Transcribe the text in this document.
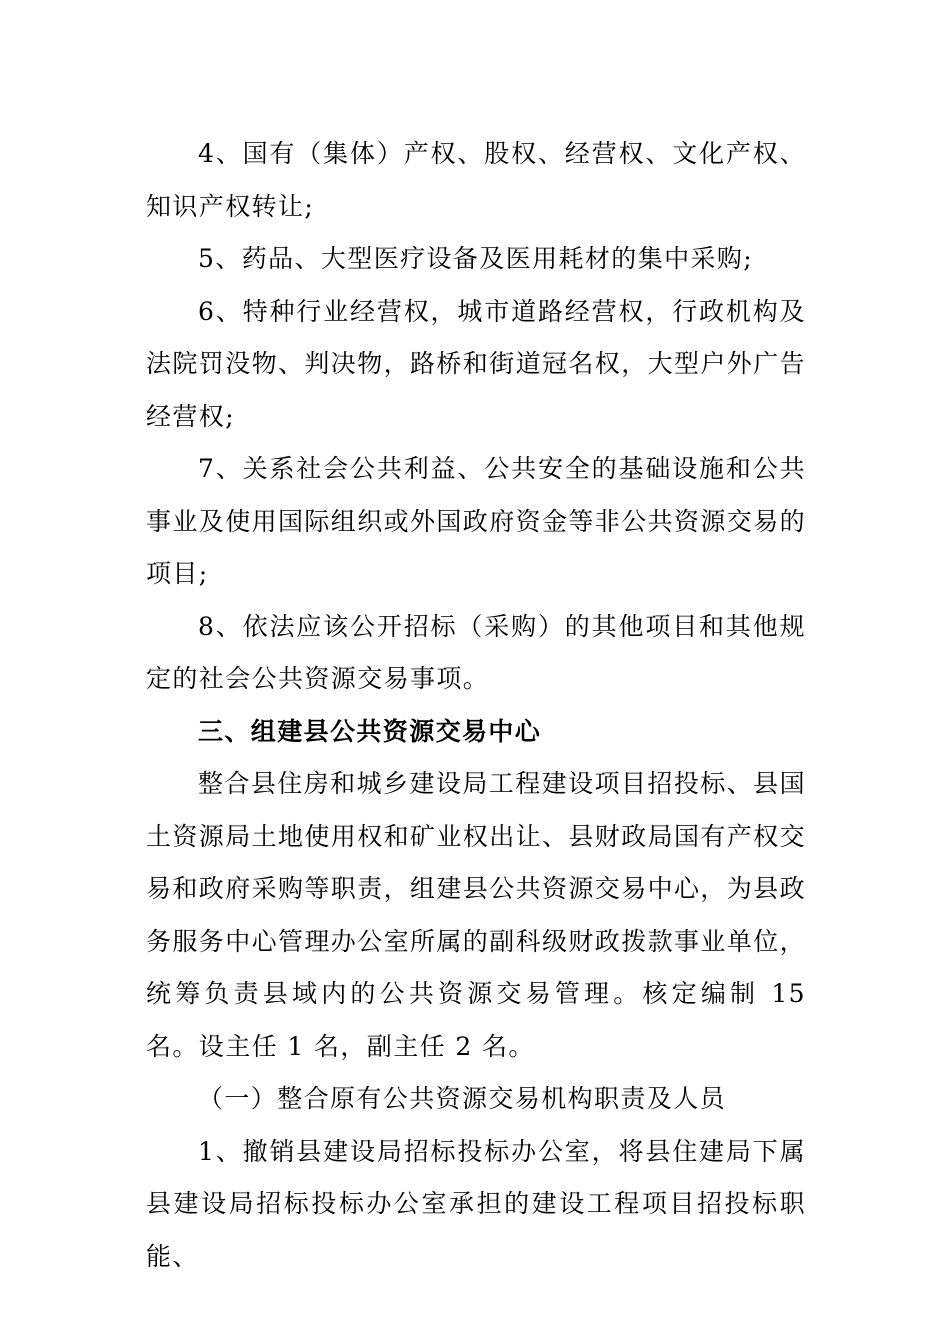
4、国有（集体）产权、股权、经营权、文化产权、知识产权转让;

5、药品、大型医疗设备及医用耗材的集中采购;

6、特种行业经营权，城市道路经营权，行政机构及法院罚没物、判决物，路桥和街道冠名权，大型户外广告经营权;

7、关系社会公共利益、公共安全的基础设施和公共事业及使用国际组织或外国政府资金等非公共资源交易的项目;

8、依法应该公开招标（采购）的其他项目和其他规定的社会公共资源交易事项。

三、组建县公共资源交易中心

整合县住房和城乡建设局工程建设项目招投标、县国土资源局土地使用权和矿业权出让、县财政局国有产权交易和政府采购等职责，组建县公共资源交易中心，为县政务服务中心管理办公室所属的副科级财政拨款事业单位，统筹负责县域内的公共资源交易管理。核定编制 15 名。设主任 1 名，副主任 2 名。

（一）整合原有公共资源交易机构职责及人员

1、撤销县建设局招标投标办公室，将县住建局下属县建设局招标投标办公室承担的建设工程项目招投标职能、
